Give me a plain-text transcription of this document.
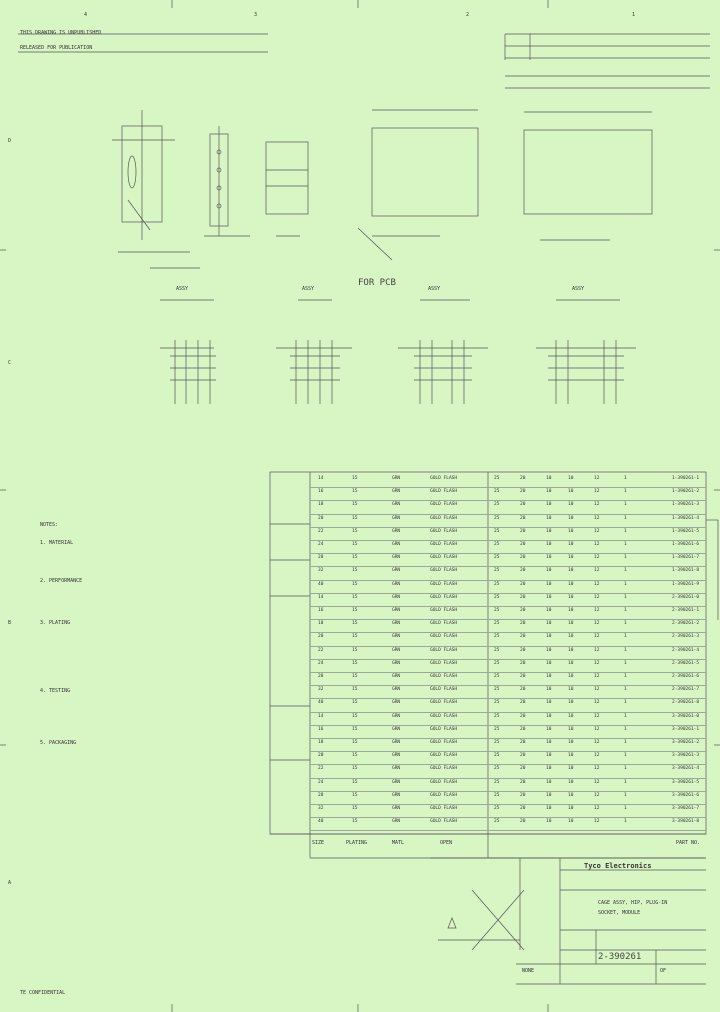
4	3	2	1
D
C
B
A
THIS DRAWING IS UNPUBLISHED
RELEASED FOR PUBLICATION
FOR PCB
ASSY	ASSY	ASSY	ASSY
NOTES:
1. MATERIAL
2. PERFORMANCE
3. PLATING
4. TESTING
5. PACKAGING
14	15	GRN	GOLD FLASH	25	20	10	10	12	1	1-390261-1
16	15	GRN	GOLD FLASH	25	20	10	10	12	1	1-390261-2
18	15	GRN	GOLD FLASH	25	20	10	10	12	1	1-390261-3
20	15	GRN	GOLD FLASH	25	20	10	10	12	1	1-390261-4
22	15	GRN	GOLD FLASH	25	20	10	10	12	1	1-390261-5
24	15	GRN	GOLD FLASH	25	20	10	10	12	1	1-390261-6
28	15	GRN	GOLD FLASH	25	20	10	10	12	1	1-390261-7
32	15	GRN	GOLD FLASH	25	20	10	10	12	1	1-390261-8
40	15	GRN	GOLD FLASH	25	20	10	10	12	1	1-390261-9
14	15	GRN	GOLD FLASH	25	20	10	10	12	1	2-390261-0
16	15	GRN	GOLD FLASH	25	20	10	10	12	1	2-390261-1
18	15	GRN	GOLD FLASH	25	20	10	10	12	1	2-390261-2
20	15	GRN	GOLD FLASH	25	20	10	10	12	1	2-390261-3
22	15	GRN	GOLD FLASH	25	20	10	10	12	1	2-390261-4
24	15	GRN	GOLD FLASH	25	20	10	10	12	1	2-390261-5
28	15	GRN	GOLD FLASH	25	20	10	10	12	1	2-390261-6
32	15	GRN	GOLD FLASH	25	20	10	10	12	1	2-390261-7
40	15	GRN	GOLD FLASH	25	20	10	10	12	1	2-390261-8
14	15	GRN	GOLD FLASH	25	20	10	10	12	1	3-390261-0
16	15	GRN	GOLD FLASH	25	20	10	10	12	1	3-390261-1
18	15	GRN	GOLD FLASH	25	20	10	10	12	1	3-390261-2
20	15	GRN	GOLD FLASH	25	20	10	10	12	1	3-390261-3
22	15	GRN	GOLD FLASH	25	20	10	10	12	1	3-390261-4
24	15	GRN	GOLD FLASH	25	20	10	10	12	1	3-390261-5
28	15	GRN	GOLD FLASH	25	20	10	10	12	1	3-390261-6
32	15	GRN	GOLD FLASH	25	20	10	10	12	1	3-390261-7
40	15	GRN	GOLD FLASH	25	20	10	10	12	1	3-390261-8
SIZE	PLATING	MATL	OPEN	PART NO.
Tyco Electronics
CAGE ASSY, HIP, PLUG-IN
SOCKET, MODULE
2-390261
OF
NONE
TE CONFIDENTIAL
